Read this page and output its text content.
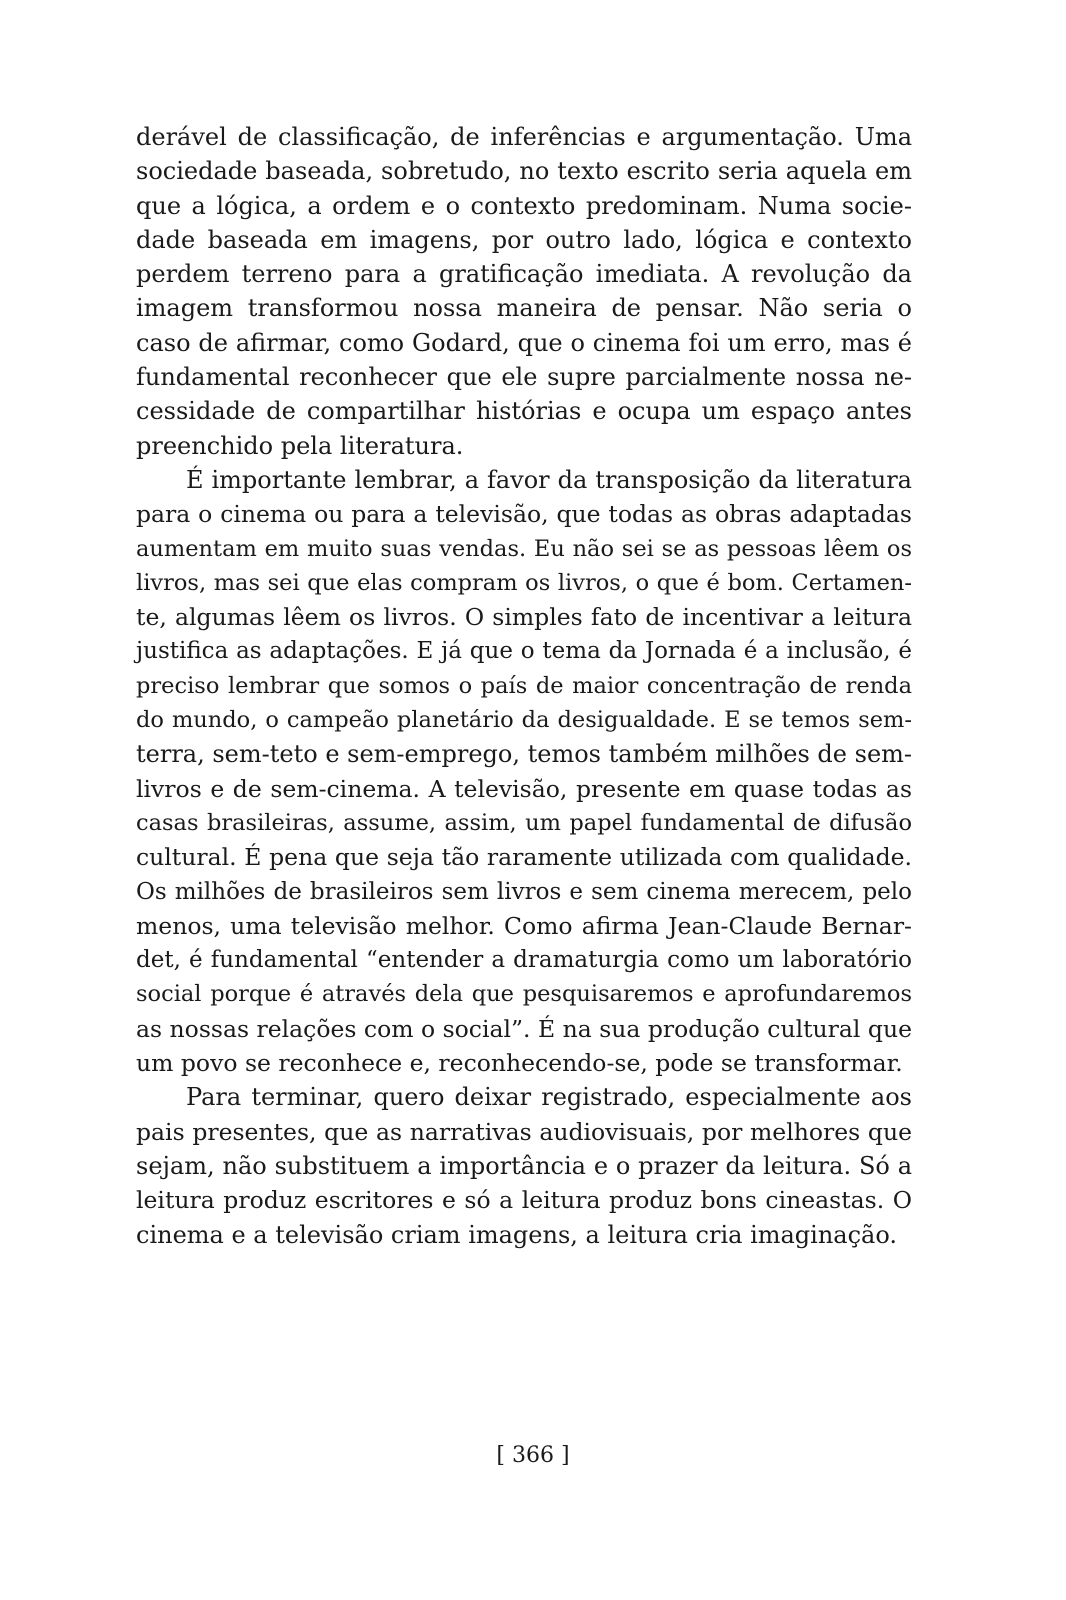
derável de classificação, de inferências e argumentação. Uma
sociedade baseada, sobretudo, no texto escrito seria aquela em
que a lógica, a ordem e o contexto predominam. Numa socie-
dade baseada em imagens, por outro lado, lógica e contexto
perdem terreno para a gratificação imediata. A revolução da
imagem transformou nossa maneira de pensar. Não seria o
caso de afirmar, como Godard, que o cinema foi um erro, mas é
fundamental reconhecer que ele supre parcialmente nossa ne-
cessidade de compartilhar histórias e ocupa um espaço antes
preenchido pela literatura.
É importante lembrar, a favor da transposição da literatura
para o cinema ou para a televisão, que todas as obras adaptadas
aumentam em muito suas vendas. Eu não sei se as pessoas lêem os
livros, mas sei que elas compram os livros, o que é bom. Certamen-
te, algumas lêem os livros. O simples fato de incentivar a leitura
justifica as adaptações. E já que o tema da Jornada é a inclusão, é
preciso lembrar que somos o país de maior concentração de renda
do mundo, o campeão planetário da desigualdade. E se temos sem-
terra, sem-teto e sem-emprego, temos também milhões de sem-
livros e de sem-cinema. A televisão, presente em quase todas as
casas brasileiras, assume, assim, um papel fundamental de difusão
cultural. É pena que seja tão raramente utilizada com qualidade.
Os milhões de brasileiros sem livros e sem cinema merecem, pelo
menos, uma televisão melhor. Como afirma Jean-Claude Bernar-
det, é fundamental “entender a dramaturgia como um laboratório
social porque é através dela que pesquisaremos e aprofundaremos
as nossas relações com o social”. É na sua produção cultural que
um povo se reconhece e, reconhecendo-se, pode se transformar.
Para terminar, quero deixar registrado, especialmente aos
pais presentes, que as narrativas audiovisuais, por melhores que
sejam, não substituem a importância e o prazer da leitura. Só a
leitura produz escritores e só a leitura produz bons cineastas. O
cinema e a televisão criam imagens, a leitura cria imaginação.
[ 366 ]
